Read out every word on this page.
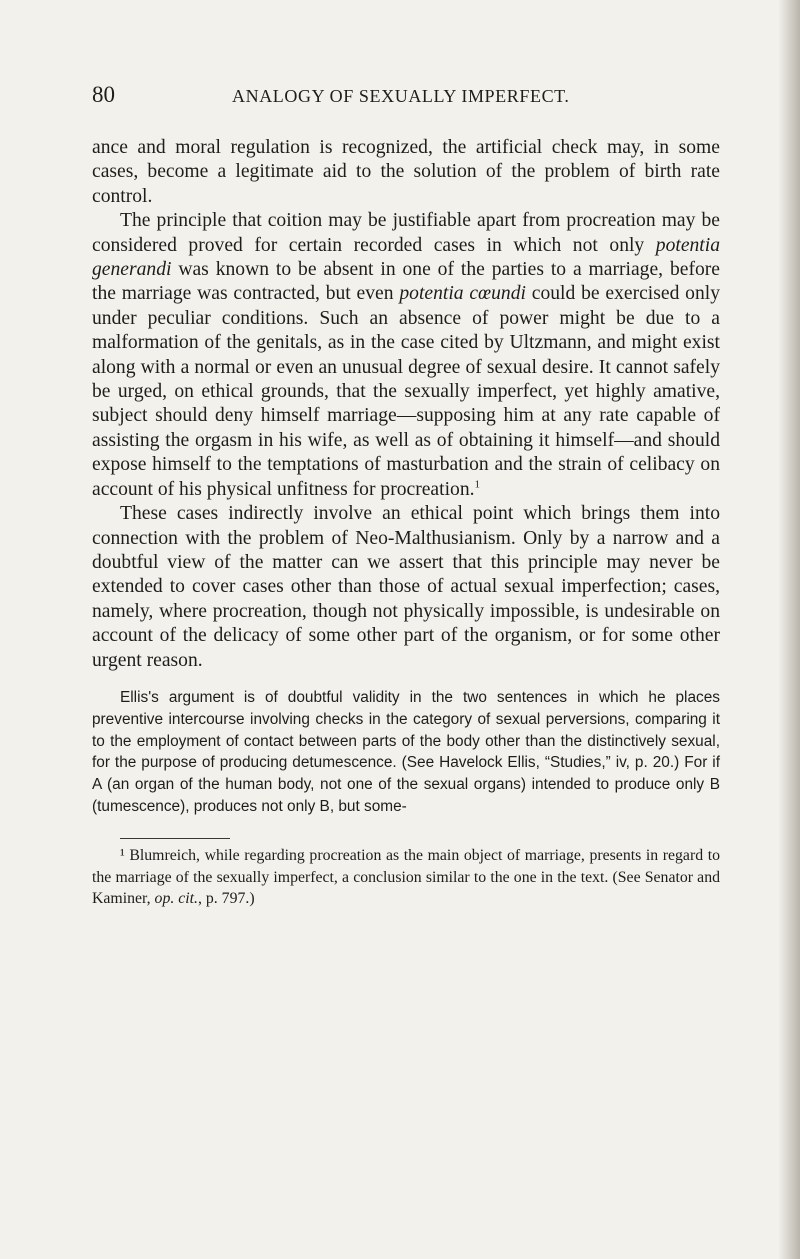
80	ANALOGY OF SEXUALLY IMPERFECT.

ance and moral regulation is recognized, the artificial check may, in some cases, become a legitimate aid to the solution of the problem of birth rate control.

The principle that coition may be justifiable apart from procreation may be considered proved for certain recorded cases in which not only potentia generandi was known to be absent in one of the parties to a marriage, before the marriage was contracted, but even potentia cœundi could be exercised only under peculiar conditions. Such an absence of power might be due to a malformation of the genitals, as in the case cited by Ultzmann, and might exist along with a normal or even an unusual degree of sexual desire. It cannot safely be urged, on ethical grounds, that the sexually imperfect, yet highly amative, subject should deny himself marriage—supposing him at any rate capable of assisting the orgasm in his wife, as well as of obtaining it himself—and should expose himself to the temptations of masturbation and the strain of celibacy on account of his physical unfitness for procreation.$^1$

These cases indirectly involve an ethical point which brings them into connection with the problem of Neo-Malthusianism. Only by a narrow and a doubtful view of the matter can we assert that this principle may never be extended to cover cases other than those of actual sexual imperfection; cases, namely, where procreation, though not physically impossible, is undesirable on account of the delicacy of some other part of the organism, or for some other urgent reason.

Ellis's argument is of doubtful validity in the two sentences in which he places preventive intercourse involving checks in the category of sexual perversions, comparing it to the employment of contact between parts of the body other than the distinctively sexual, for the purpose of producing detumescence. (See Havelock Ellis, “Studies,” iv, p. 20.) For if A (an organ of the human body, not one of the sexual organs) intended to produce only B (tumescence), produces not only B, but some-
¹ Blumreich, while regarding procreation as the main object of marriage, presents in regard to the marriage of the sexually imperfect, a conclusion similar to the one in the text. (See Senator and Kaminer, op. cit., p. 797.)
